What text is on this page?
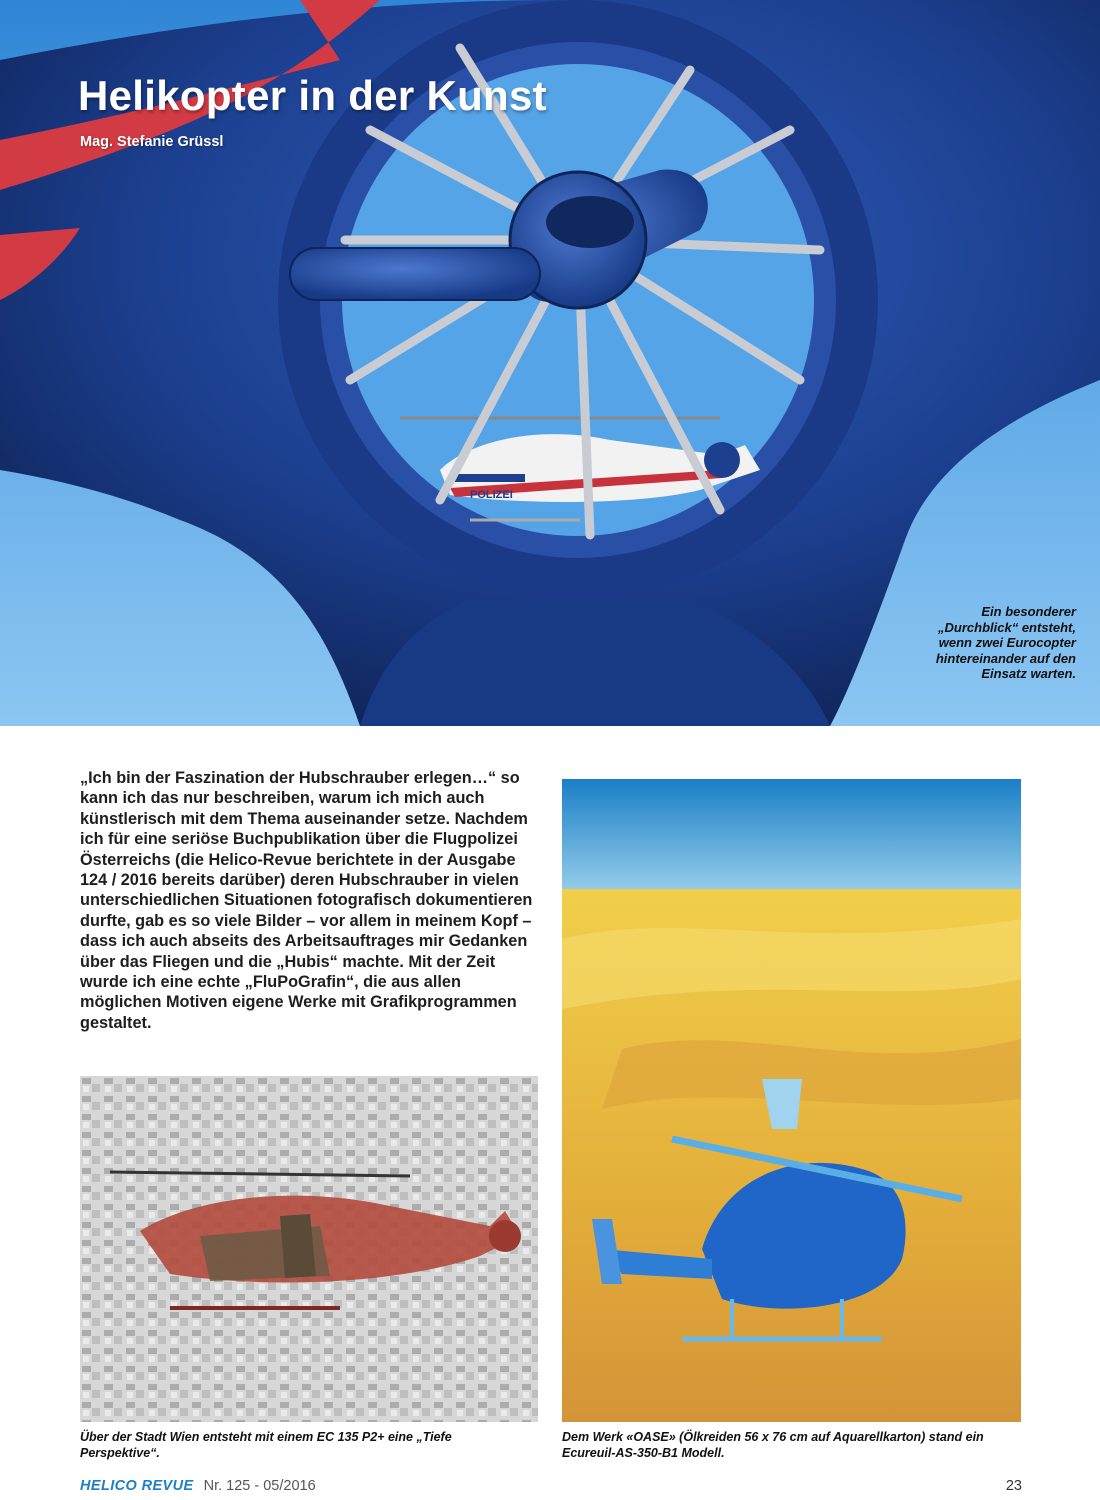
POLIZEI
Helikopter in der Kunst
Mag. Stefanie Grüssl
Ein besonderer „Durchblick“ entsteht, wenn zwei Eurocopter hintereinander auf den Einsatz warten.

„Ich bin der Faszination der Hubschrauber erlegen…“ so kann ich das nur beschreiben, warum ich mich auch künstlerisch mit dem Thema auseinander setze. Nachdem ich für eine seriöse Buchpublikation über die Flugpolizei Österreichs (die Helico-Revue berichtete in der Ausgabe 124 / 2016 bereits darüber) deren Hubschrauber in vielen unterschiedlichen Situationen fotografisch dokumentieren durfte, gab es so viele Bilder – vor allem in meinem Kopf – dass ich auch abseits des Arbeitsauftrages mir Gedanken über das Fliegen und die „Hubis“ machte. Mit der Zeit wurde ich eine echte „FluPoGrafin“, die aus allen möglichen Motiven eigene Werke mit Grafikprogrammen gestaltet.

Über der Stadt Wien entsteht mit einem EC 135 P2+ eine „Tiefe Perspektive“.
Dem Werk «OASE» (Ölkreiden 56 x 76 cm auf Aquarellkarton) stand ein Ecureuil-AS-350-B1 Modell.
HELICO REVUE Nr. 125 - 05/2016	23
